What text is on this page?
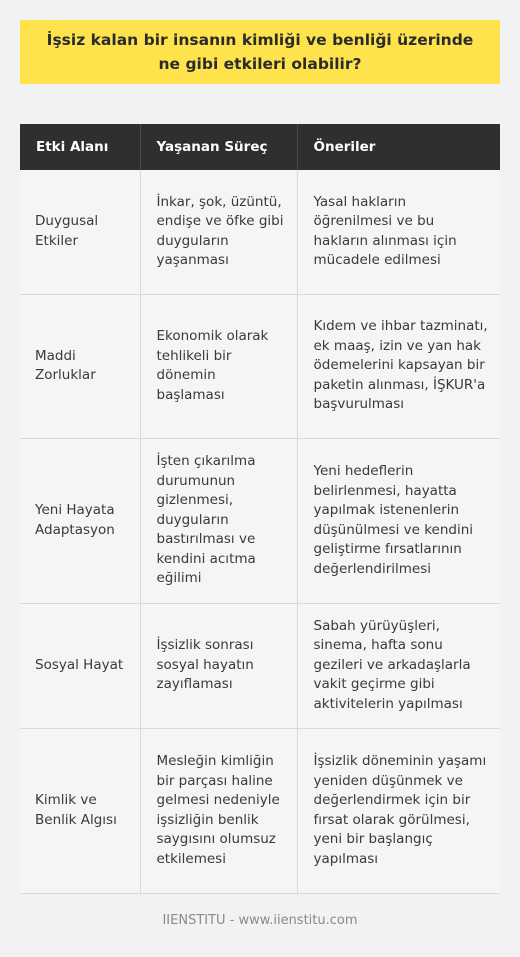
İşsiz kalan bir insanın kimliği ve benliği üzerinde ne gibi etkileri olabilir?
Etki Alanı	Yaşanan Süreç	Öneriler
Duygusal Etkiler	İnkar, şok, üzüntü, endişe ve öfke gibi duyguların yaşanması	Yasal hakların öğrenilmesi ve bu hakların alınması için mücadele edilmesi
Maddi Zorluklar	Ekonomik olarak tehlikeli bir dönemin başlaması	Kıdem ve ihbar tazminatı, ek maaş, izin ve yan hak ödemelerini kapsayan bir paketin alınması, İŞKUR'a başvurulması
Yeni Hayata Adaptasyon	İşten çıkarılma durumunun gizlenmesi, duyguların bastırılması ve kendini acıtma eğilimi	Yeni hedeflerin belirlenmesi, hayatta yapılmak istenenlerin düşünülmesi ve kendini geliştirme fırsatlarının değerlendirilmesi
Sosyal Hayat	İşsizlik sonrası sosyal hayatın zayıflaması	Sabah yürüyüşleri, sinema, hafta sonu gezileri ve arkadaşlarla vakit geçirme gibi aktivitelerin yapılması
Kimlik ve Benlik Algısı	Mesleğin kimliğin bir parçası haline gelmesi nedeniyle işsizliğin benlik saygısını olumsuz etkilemesi	İşsizlik döneminin yaşamı yeniden düşünmek ve değerlendirmek için bir fırsat olarak görülmesi, yeni bir başlangıç yapılması
IIENSTITU - www.iienstitu.com
